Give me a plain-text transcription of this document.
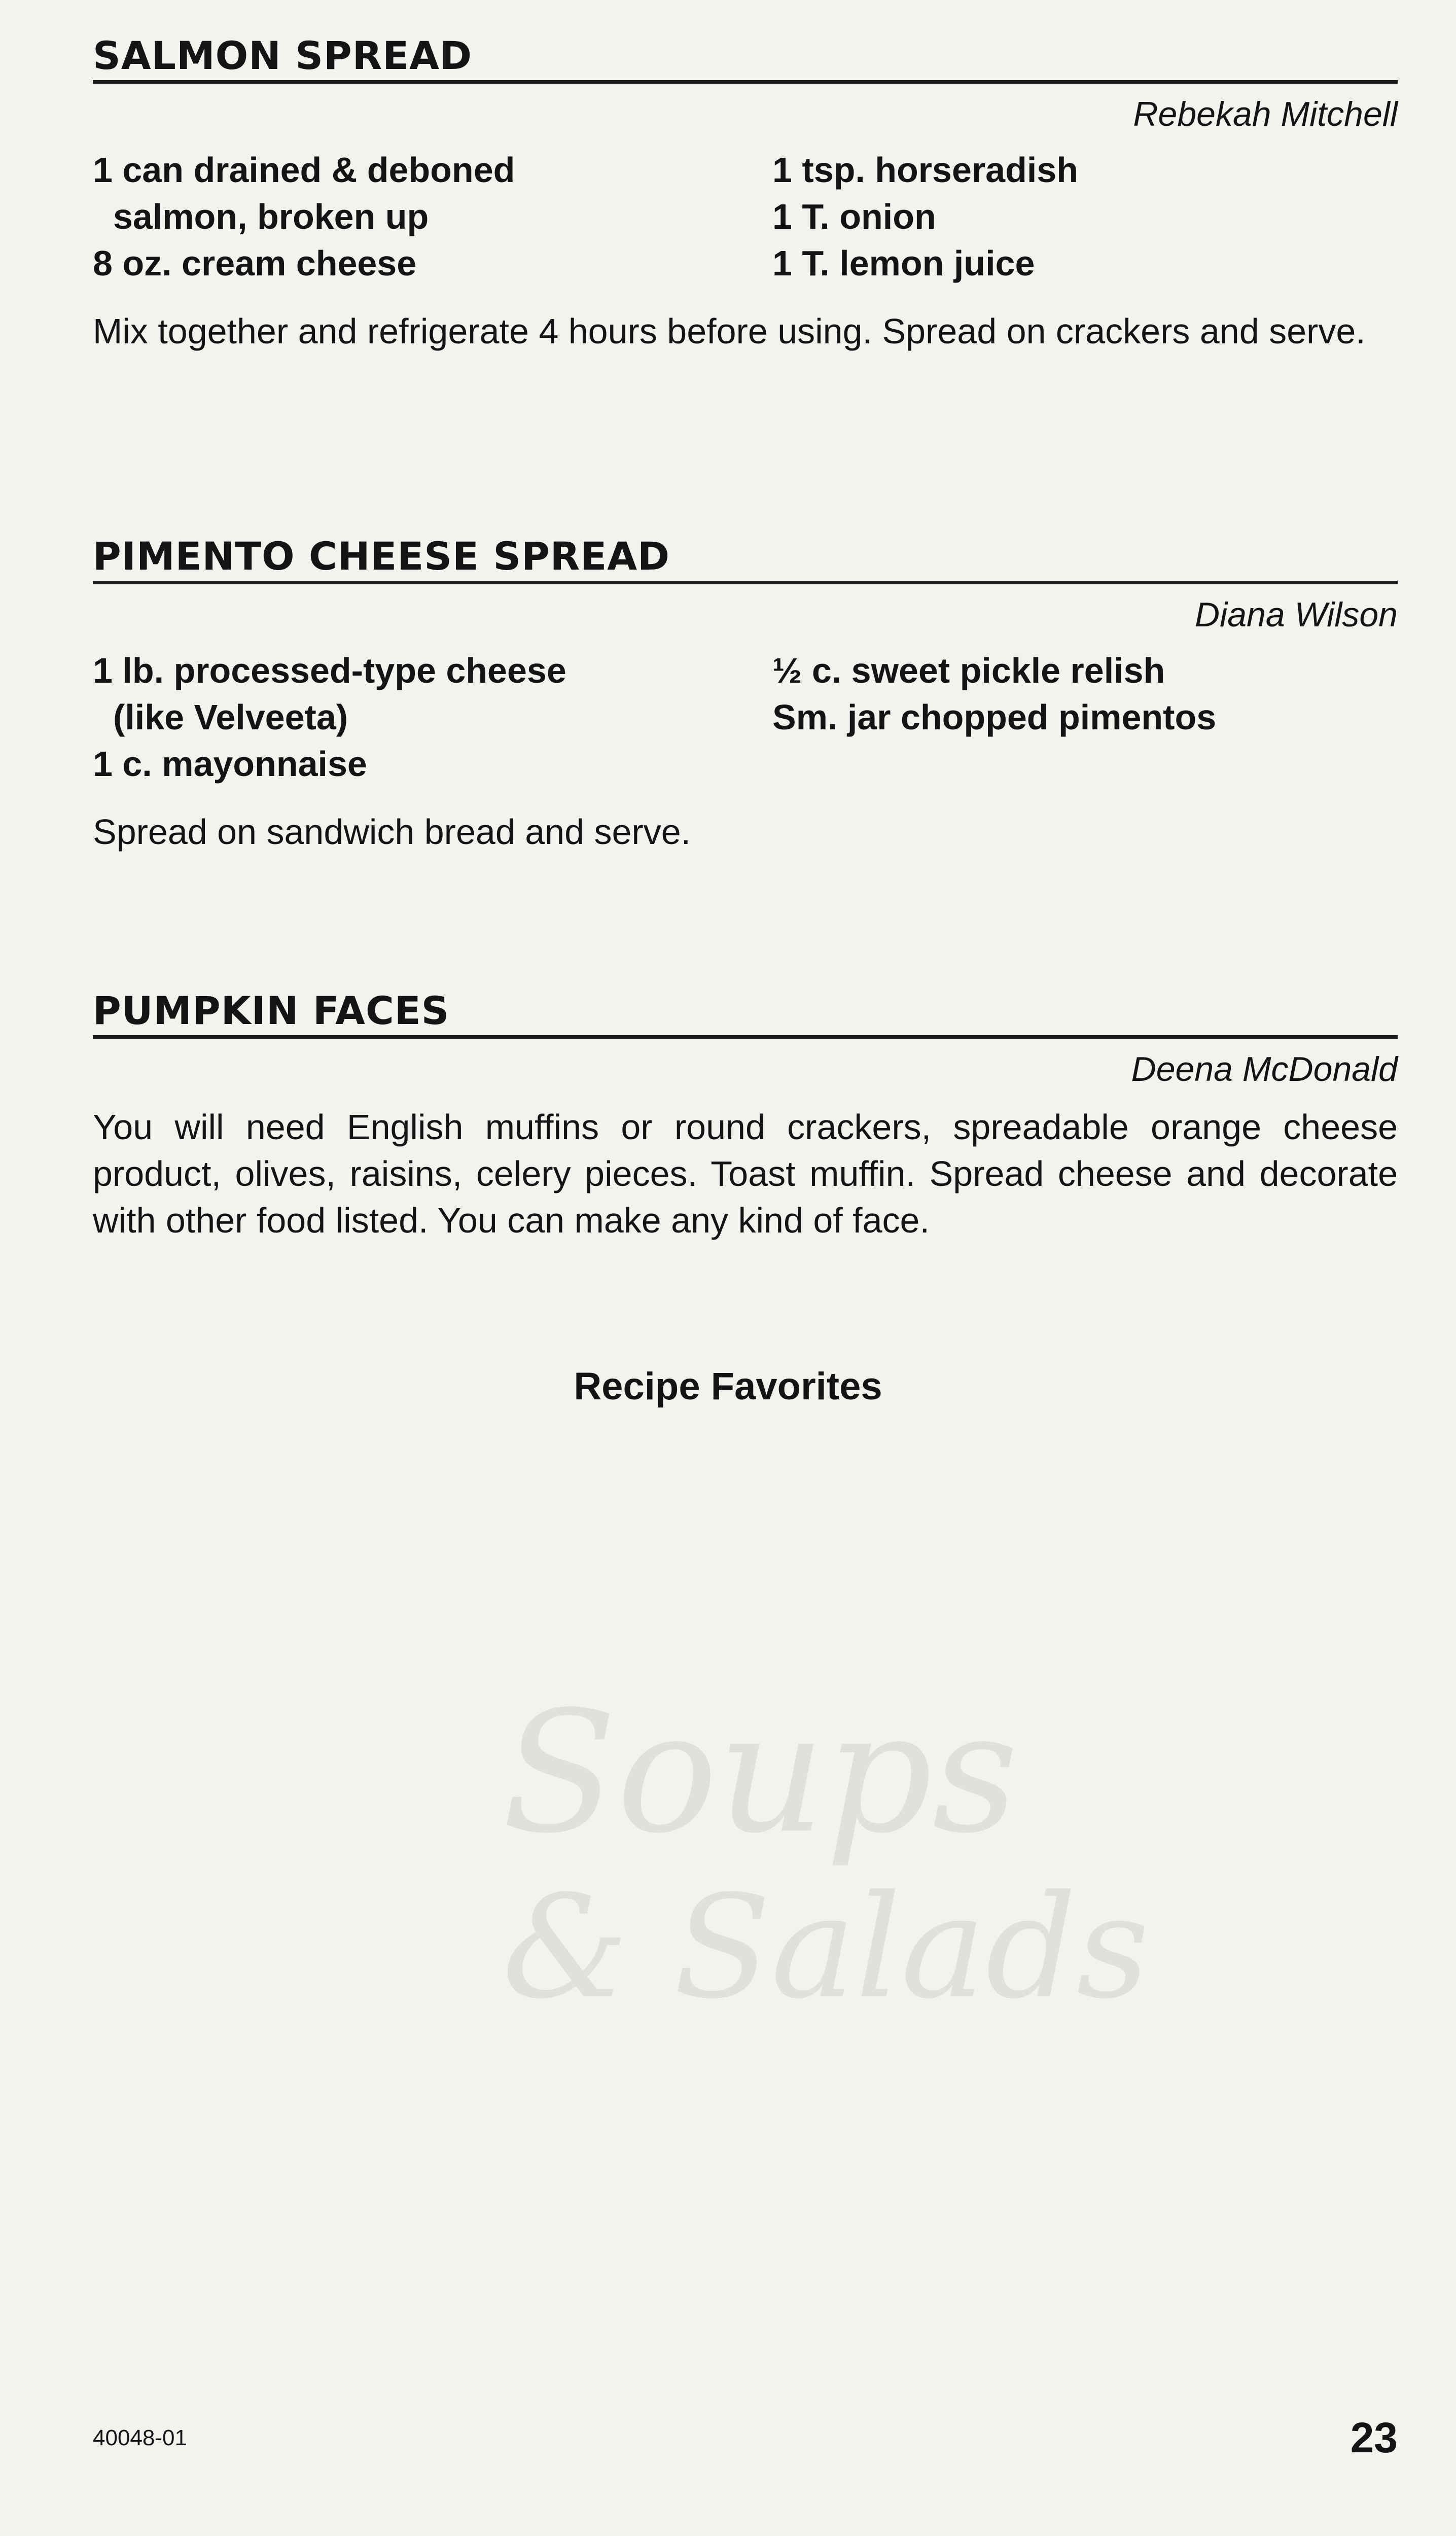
Soups
& Salads
SALMON SPREAD
Rebekah Mitchell
1 can drained & deboned
salmon, broken up
8 oz. cream cheese
1 tsp. horseradish
1 T. onion
1 T. lemon juice
Mix together and refrigerate 4 hours before using. Spread on crackers and serve.
PIMENTO CHEESE SPREAD
Diana Wilson
1 lb. processed-type cheese
(like Velveeta)
1 c. mayonnaise
½ c. sweet pickle relish
Sm. jar chopped pimentos
Spread on sandwich bread and serve.
PUMPKIN FACES
Deena McDonald
You will need English muffins or round crackers, spreadable orange cheese product, olives, raisins, celery pieces. Toast muffin. Spread cheese and decorate with other food listed. You can make any kind of face.
Recipe Favorites
40048-01	23
